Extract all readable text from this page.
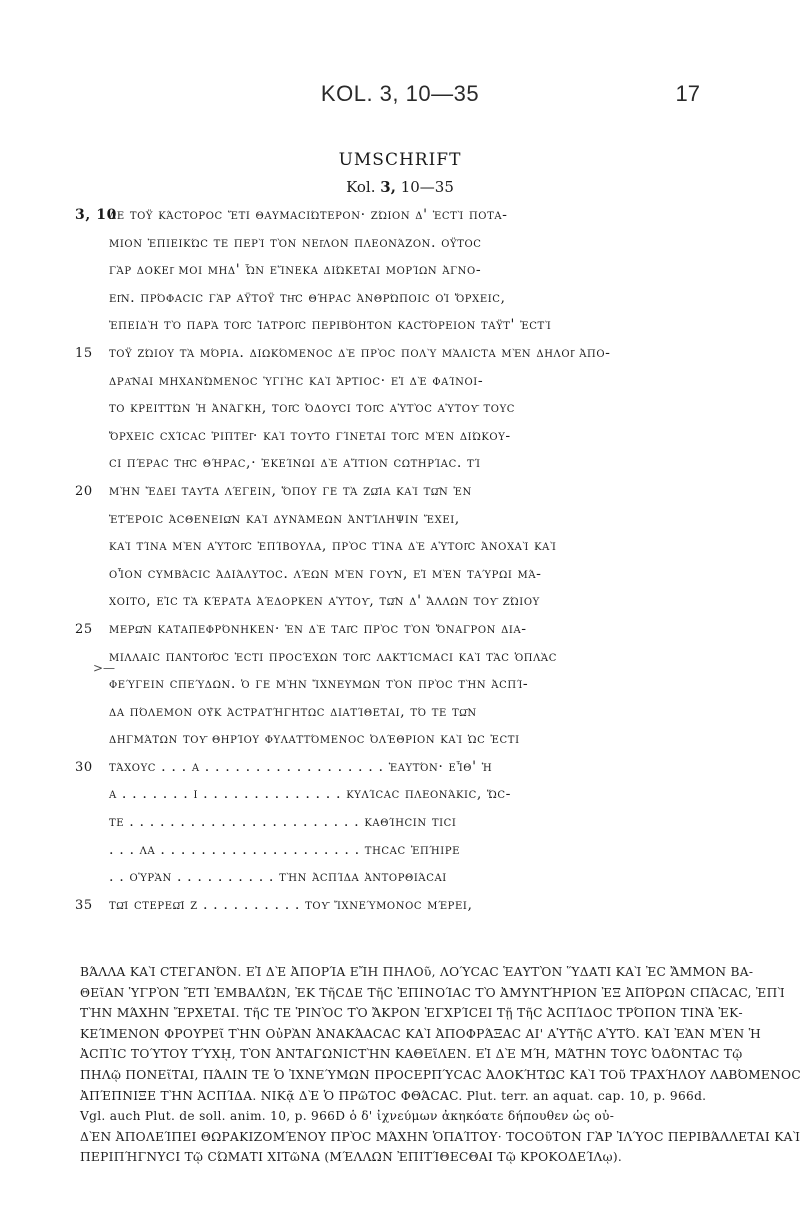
KOL. 3, 10—35	17
UMSCHRIFT
Kol. 3, 10—35
3, 10
δε τοϋ κάcτοροc ἔτι θαυμαcιώτερον· ζώιον δ' ἐcτὶ ποτα-
μιον ἐπιεικώc τε περὶ τὸν νεῖλον πλεονάζον. οϋτοc
γὰρ δοκεῖ μοι μηδ' ὦν εἵνεκα διώκεται μορίων ἀγνο-
εῖν. πρόφαcιc γὰρ αϋτοϋ τῆc θήραc ἀνθρώποιc οἱ ὄρχειc,
ἐπειδὴ τὸ παρὰ τοῖc ἰατροῖc περιβόητον καcτόρειον ταϋτ' ἐcτὶ
15	τοϋ ζώιου τὰ μόρια. διωκόμενοc δὲ πρὸc πολὺ μὰλιcτα μὲν δηλοῖ ἀπο-
δρᾶναι μηχανώμενοc ὑγιὴc καὶ ἄρτιοc· εἰ δὲ φαίνοι-
το κρειττών ἡ ἀνάγκη, τοῖc ὀδοῦcι τοῖc αὑτὸc αὑτοῦ τουc
ὄρχειc cχίcαc ῥιπτεῖ· καὶ τοῦτο γίνεται τοῖc μὲν διώκου-
cι πέραc τῆc θήραc,· ἐκείνωι δὲ αἴτιον cωτηρίαc. τί
20	μὴν ἔδει ταῦτα λέγειν, ὅπου γε τὰ ζῶια καὶ τῶν ἐν
ἑτέροιc ἀcθενειῶν καὶ δυνάμεων ἀντίληψιν ἔχει,
καὶ τίνα μὲν αὑτοῖc ἐπίβουλα, πρὸc τίνα δὲ αὑτοῖc ἀνοχαὶ καὶ
οἷον cυμβάcιc ἀδιάλυτοc. λέων μὲν γοῦν, εἰ μὲν ταύρωι μά-
χοιτο, εἰc τὰ κέρατα ἀέδορκεν αὑτοῦ, τῶν δ' ἄλλων τοῦ ζώιου
25	μερῶν καταπεφρόνηκεν· ἐν δὲ ταῖc πρὸc τὸν ὄναγρον δια-
μιλλαιc παντοῖόc ἐcτι προcέχων τοῖc λακτίcμαcι καὶ τὰc ὁπλὰc
φεύγειν cπεύδων. ὁ γε μὴν ἴχνευμων τὸν πρὸc τὴν ἀcπί-
δα πόλεμον οὐκ ἀcτρατήγητωc διατίθεται, τό τε τῶν
δηγμάτων τοῦ θηρίου φυλαττόμενοc ὀλέθριον καὶ ὡc ἐcτι
30	τάχουc . . . α . . . . . . . . . . . . . . . . . . ἑαυτόν· εἶθ' ἡ
α . . . . . . . ι . . . . . . . . . . . . . . κυλίcαc πλεονάκιc, ὥc-
τε . . . . . . . . . . . . . . . . . . . . . . . καθίηcιν τιcι
. . . λα . . . . . . . . . . . . . . . . . . . . τηcαc ἐπήιρε
. . οὑρὰν . . . . . . . . . . τὴν ἀcπίδα ἀντορθιάcαι
35	τῶι cτερεῶι ζ . . . . . . . . . . τοῦ ἴχνεύμονοc μέρει,
>—
ΒΆΛΛΑ ΚΑῚ CΤΕΓΑΝΌΝ. ΕἸ ΔῈ ἈΠΟΡΊΑ ΕἼΗ ΠΗΛΟῦ, ΛΟΎCΑC ἙΑΥΤῸΝ ὝΔΑΤΙ ΚΑῚ ἘC ἌΜΜΟΝ ΒΑ-
ΘΕῖΑΝ ὙΓΡῸΝ ἜΤΙ ἘΜΒΑΛΏΝ, ἘΚ ΤῆCΔΕ ΤῆC ἘΠΙΝΟΊΑC ΤῸ ἈΜΥΝΤΉΡΙΟΝ ἘΞ ἈΠΌΡΩΝ CΠΆCΑC, ἘΠῚ
ΤῊΝ ΜΆΧΗΝ ἜΡΧΕΤΑΙ. ΤῆC ΤΕ ῬΙΝῸC ΤῸ ἌΚΡΟΝ ἘΓΧΡΊCΕΙ Τῇ ΤῆC ἈCΠΊΔΟC ΤΡΌΠΟΝ ΤΙΝᾺ ἘΚ-
ΚΕΊΜΕΝΟΝ ΦΡΟΥΡΕῖ ΤῊΝ ΟὐΡᾺΝ ἈΝΑΚΆΑCΑC ΚΑῚ ἈΠΟΦΡΆΞΑC ΑΙ' ΑὙΤῆC ΑὙΤΌ. ΚΑῚ ἘᾺΝ ΜῈΝ Ἡ
ἈCΠῚC ΤΟΎΤΟΥ ΤΎΧῌ, ΤῸΝ ἈΝΤΑΓΩΝΙCΤῊΝ ΚΑΘΕῖΛΕΝ. ΕἸ ΔῈ ΜΉ, ΜΆΤΗΝ ΤΟΥC ὈΔΌΝΤΑC Τῷ
ΠΗΛῷ ΠΟΝΕῖΤΑΙ, ΠΆΛΙΝ ΤΕ Ὁ ἸΧΝΕΎΜΩΝ ΠΡΟCΕΡΠΎCΑC ἈΛΟΚΉΤΩC ΚΑῚ ΤΟῦ ΤΡΑΧΉΛΟΥ ΛΑΒΌΜΕΝΟC
ἈΠΈΠΝΙΞΕ ΤῊΝ ἈCΠΊΔΑ. ΝΙΚᾷ ΔῈ Ὁ ΠΡῶΤΟC ΦΘΆCΑC. Plut. terr. an aquat. cap. 10, p. 966d.
Vgl. auch Plut. de soll. anim. 10, p. 966D ὁ δ' ἰχνεύμων ἀκηκόατε δήπουθεν ὡς οὐ-
ΔῈΝ ἈΠΟΛΕΊΠΕΙ ΘΩΡΑΚΙΖΟΜΈΝΟΥ ΠΡῸC ΜΆΧΗΝ ὉΠΑΊΤΟΥ· ΤΟCΟῦΤΟΝ ΓᾺΡ ἸΛΎΟC ΠΕΡΙΒΆΛΛΕΤΑΙ ΚΑῚ
ΠΕΡΙΠΉΓΝΥCΙ Τῷ CΏΜΑΤΙ ΧΙΤῶΝΑ (ΜΈΛΛΩΝ ἘΠΙΤΊΘΕCΘΑΙ Τῷ ΚΡΟΚΟΔΕΊΛῳ).
